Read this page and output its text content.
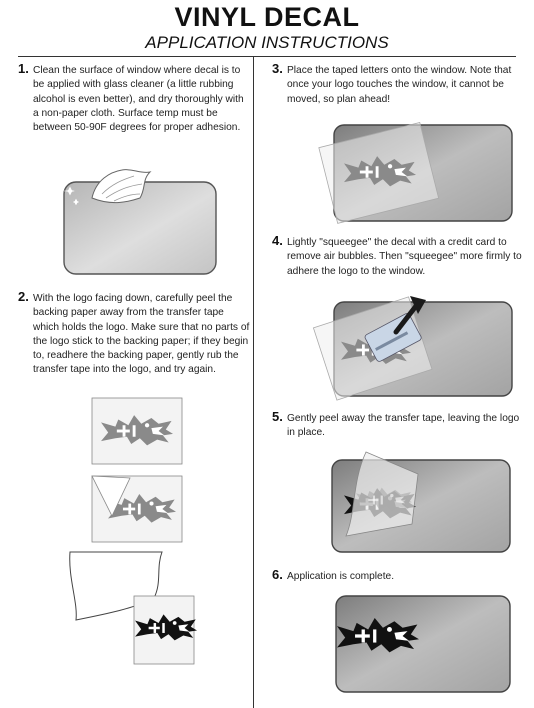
VINYL DECAL
APPLICATION INSTRUCTIONS
1. Clean the surface of window where decal is to be applied with glass cleaner (a little rubbing alcohol is even better), and dry thoroughly with a non-paper cloth. Surface temp must be between 50-90F degrees for proper adhesion.
2. With the logo facing down, carefully peel the backing paper away from the transfer tape which holds the logo. Make sure that no parts of the logo stick to the backing paper; if they begin to, readhere the backing paper, gently rub the transfer tape into the logo, and try again.
3. Place the taped letters onto the window. Note that once your logo touches the window, it cannot be moved, so plan ahead!
4. Lightly "squeegee" the decal with a credit card to remove air bubbles. Then "squeegee" more firmly to adhere the logo to the window.
5. Gently peel away the transfer tape, leaving the logo in place.
6. Application is complete.
